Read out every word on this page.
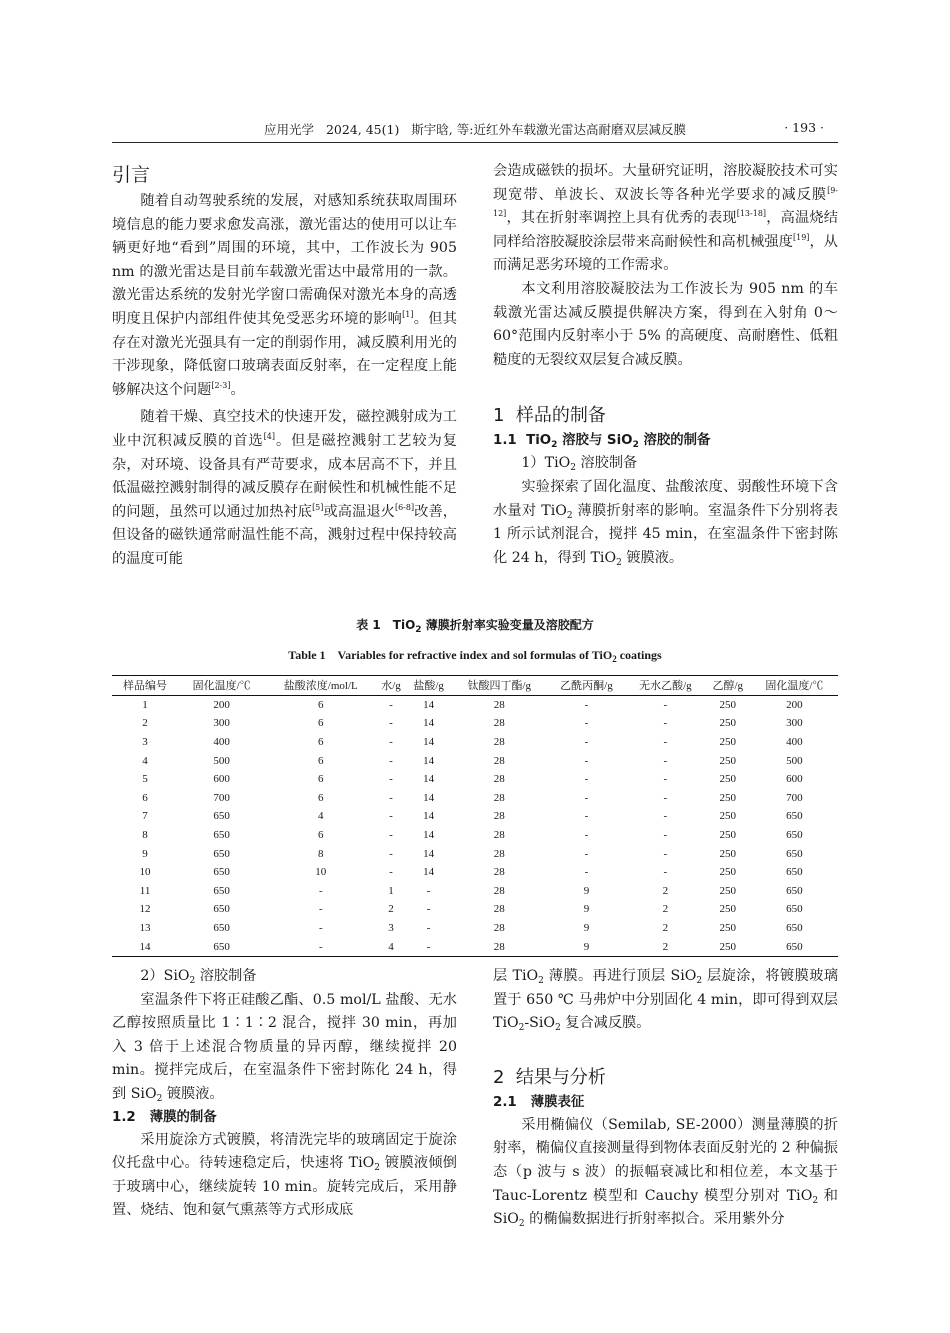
应用光学 2024, 45(1) 斯宇晗, 等:近红外车载激光雷达高耐磨双层减反膜	· 193 ·

引言

随着自动驾驶系统的发展，对感知系统获取周围环境信息的能力要求愈发高涨，激光雷达的使用可以让车辆更好地“看到”周围的环境，其中，工作波长为 905 nm 的激光雷达是目前车载激光雷达中最常用的一款。激光雷达系统的发射光学窗口需确保对激光本身的高透明度且保护内部组件使其免受恶劣环境的影响[1]。但其存在对激光光强具有一定的削弱作用，减反膜利用光的干涉现象，降低窗口玻璃表面反射率，在一定程度上能够解决这个问题[2-3]。

随着干燥、真空技术的快速开发，磁控溅射成为工业中沉积减反膜的首选[4]。但是磁控溅射工艺较为复杂，对环境、设备具有严苛要求，成本居高不下，并且低温磁控溅射制得的减反膜存在耐候性和机械性能不足的问题，虽然可以通过加热衬底[5]或高温退火[6-8]改善，但设备的磁铁通常耐温性能不高，溅射过程中保持较高的温度可能

会造成磁铁的损坏。大量研究证明，溶胶凝胶技术可实现宽带、单波长、双波长等各种光学要求的减反膜[9-12]，其在折射率调控上具有优秀的表现[13-18]，高温烧结同样给溶胶凝胶涂层带来高耐候性和高机械强度[19]，从而满足恶劣环境的工作需求。

本文利用溶胶凝胶法为工作波长为 905 nm 的车载激光雷达减反膜提供解决方案，得到在入射角 0～60°范围内反射率小于 5% 的高硬度、高耐磨性、低粗糙度的无裂纹双层复合减反膜。

1 样品的制备

1.1 TiO$_2$ 溶胶与 SiO$_2$ 溶胶的制备

1）TiO$_2$ 溶胶制备

实验探索了固化温度、盐酸浓度、弱酸性环境下含水量对 TiO$_2$ 薄膜折射率的影响。室温条件下分别将表 1 所示试剂混合，搅拌 45 min，在室温条件下密封陈化 24 h，得到 TiO$_2$ 镀膜液。

表 1　TiO$_2$ 薄膜折射率实验变量及溶胶配方
Table 1　Variables for refractive index and sol formulas of TiO$_2$ coatings
样品编号	固化温度/℃	盐酸浓度/mol/L	水/g	盐酸/g	钛酸四丁酯/g	乙酰丙酮/g	无水乙酸/g	乙醇/g	固化温度/℃
1	200	6	-	14	28	-	-	250	200
2	300	6	-	14	28	-	-	250	300
3	400	6	-	14	28	-	-	250	400
4	500	6	-	14	28	-	-	250	500
5	600	6	-	14	28	-	-	250	600
6	700	6	-	14	28	-	-	250	700
7	650	4	-	14	28	-	-	250	650
8	650	6	-	14	28	-	-	250	650
9	650	8	-	14	28	-	-	250	650
10	650	10	-	14	28	-	-	250	650
11	650	-	1	-	28	9	2	250	650
12	650	-	2	-	28	9	2	250	650
13	650	-	3	-	28	9	2	250	650
14	650	-	4	-	28	9	2	250	650

2）SiO$_2$ 溶胶制备

室温条件下将正硅酸乙酯、0.5 mol/L 盐酸、无水乙醇按照质量比 1∶1∶2 混合，搅拌 30 min，再加入 3 倍于上述混合物质量的异丙醇，继续搅拌 20 min。搅拌完成后，在室温条件下密封陈化 24 h，得到 SiO$_2$ 镀膜液。

1.2 薄膜的制备

采用旋涂方式镀膜，将清洗完毕的玻璃固定于旋涂仪托盘中心。待转速稳定后，快速将 TiO$_2$ 镀膜液倾倒于玻璃中心，继续旋转 10 min。旋转完成后，采用静置、烧结、饱和氨气熏蒸等方式形成底

层 TiO$_2$ 薄膜。再进行顶层 SiO$_2$ 层旋涂，将镀膜玻璃置于 650 ℃ 马弗炉中分别固化 4 min，即可得到双层 TiO$_2$-SiO$_2$ 复合减反膜。

2 结果与分析

2.1 薄膜表征

采用椭偏仪（Semilab, SE-2000）测量薄膜的折射率，椭偏仪直接测量得到物体表面反射光的 2 种偏振态（p 波与 s 波）的振幅衰减比和相位差，本文基于 Tauc-Lorentz 模型和 Cauchy 模型分别对 TiO$_2$ 和 SiO$_2$ 的椭偏数据进行折射率拟合。采用紫外分
